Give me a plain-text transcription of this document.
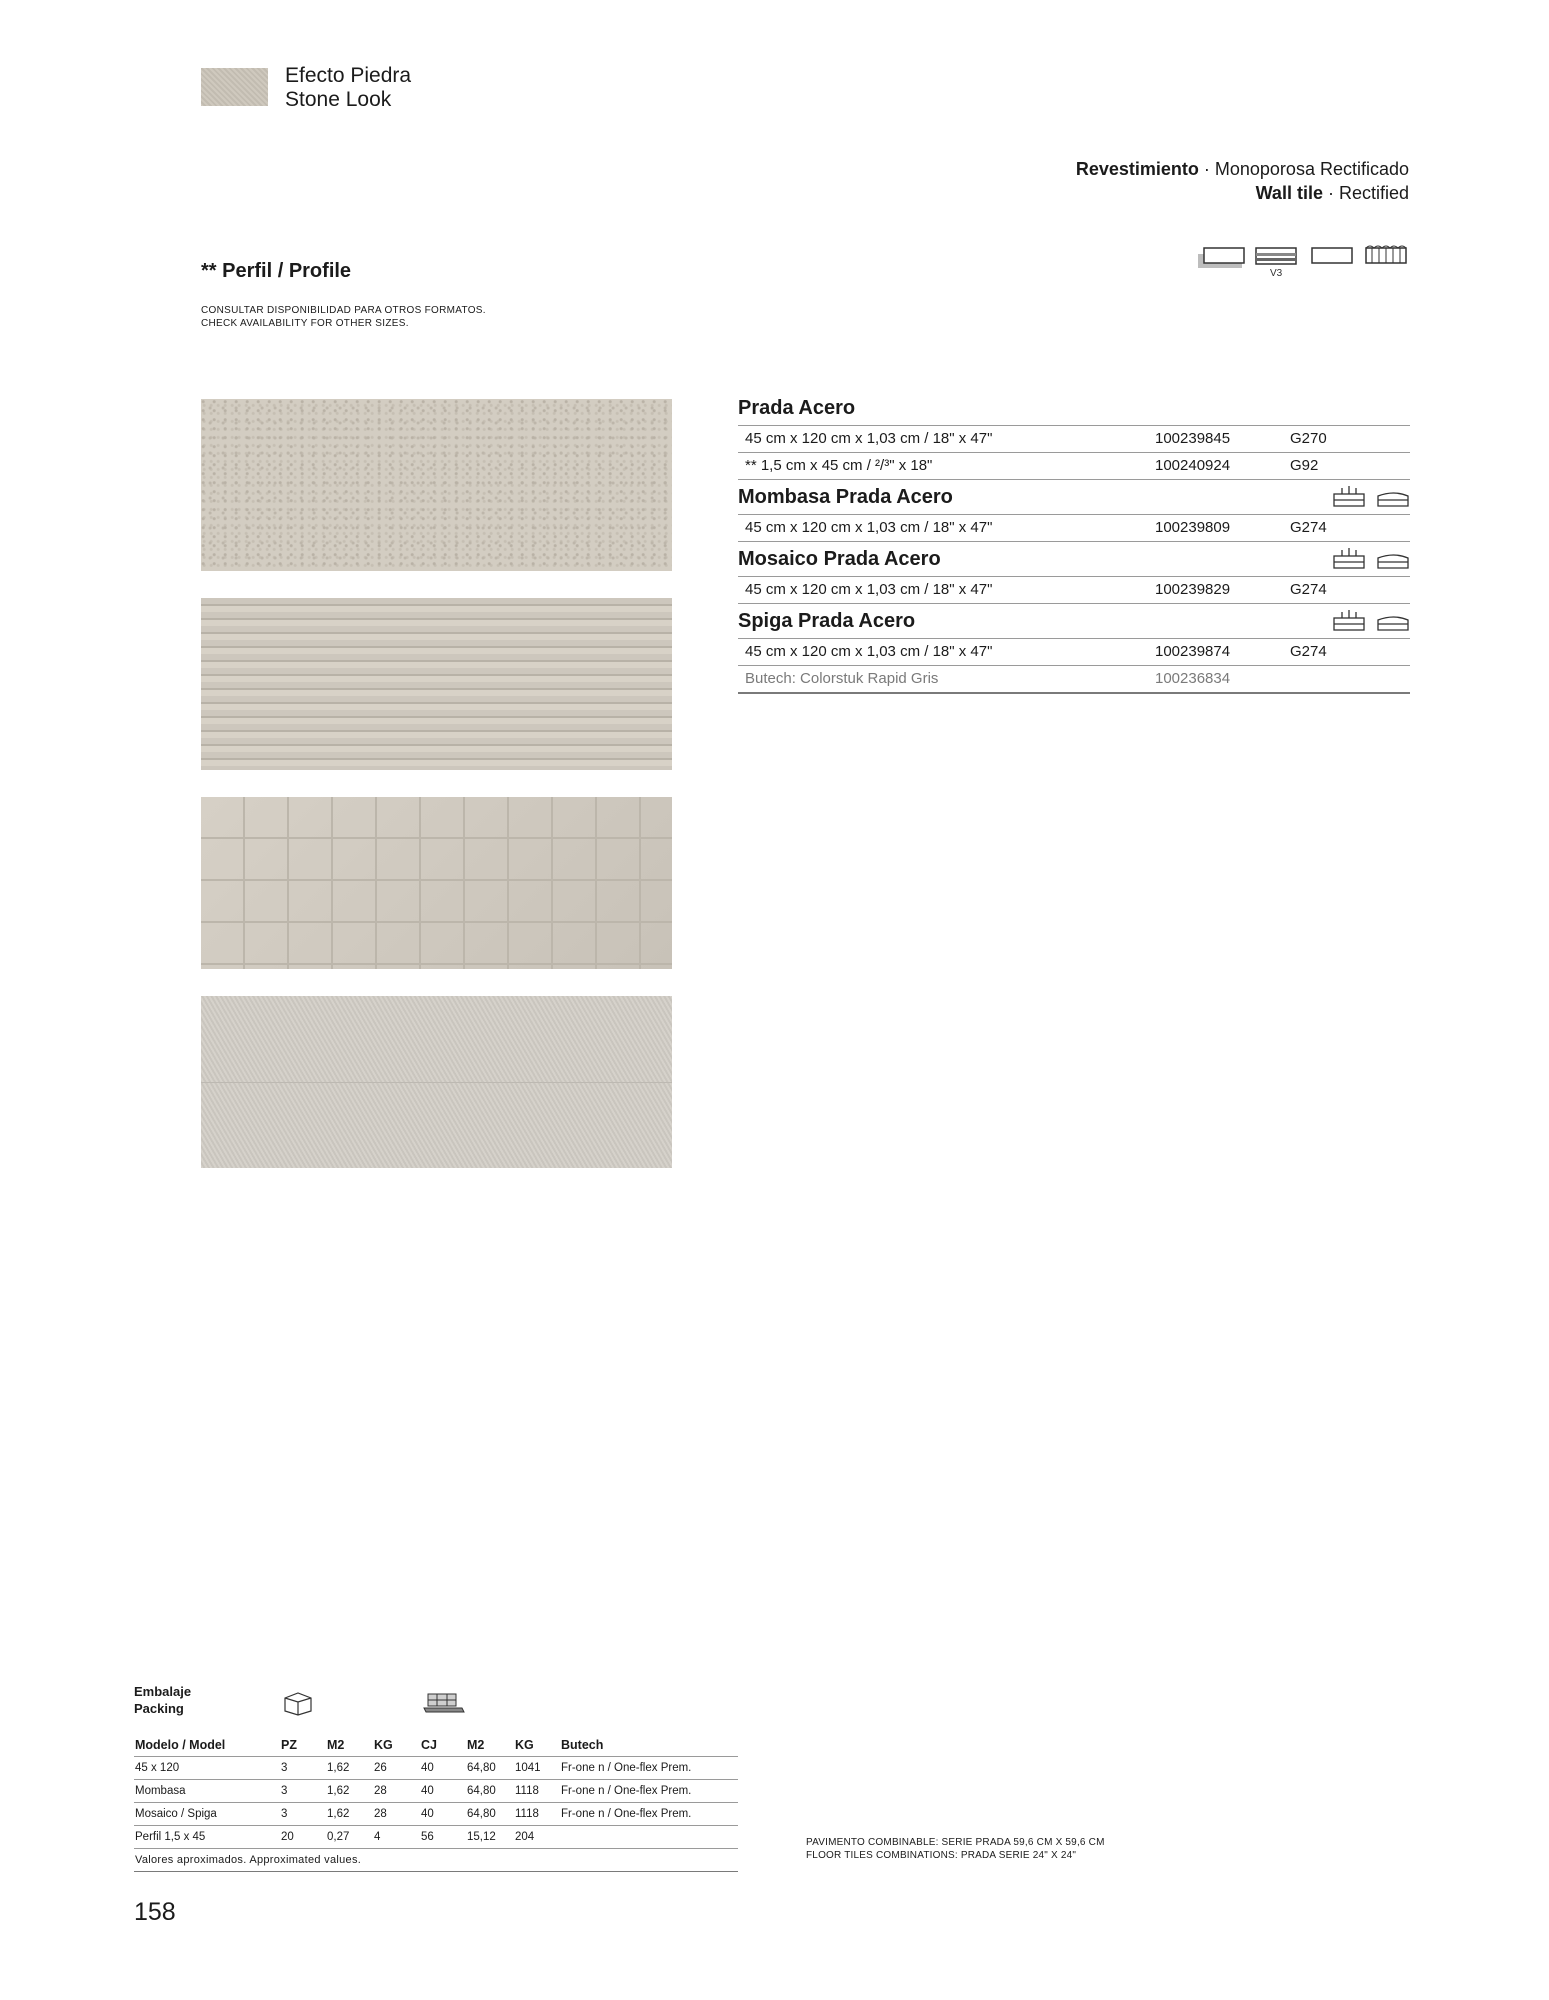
Efecto Piedra
Stone Look
Revestimiento · Monoporosa Rectificado
Wall tile · Rectified
** Perfil / Profile
CONSULTAR DISPONIBILIDAD PARA OTROS FORMATOS.
CHECK AVAILABILITY FOR OTHER SIZES.
V3
Prada Acero
45 cm x 120 cm x 1,03 cm / 18" x 47"	100239845	G270
** 1,5 cm x 45 cm / ²/³" x 18"	100240924	G92
Mombasa Prada Acero
45 cm x 120 cm x 1,03 cm / 18" x 47"	100239809	G274
Mosaico Prada Acero
45 cm x 120 cm x 1,03 cm / 18" x 47"	100239829	G274
Spiga Prada Acero
45 cm x 120 cm x 1,03 cm / 18" x 47"	100239874	G274
Butech: Colorstuk Rapid Gris	100236834
Embalaje
Packing
Modelo / Model	PZ	M2	KG	CJ	M2	KG	Butech
45 x 120	3	1,62	26	40	64,80	1041	Fr-one n / One-flex Prem.
Mombasa	3	1,62	28	40	64,80	1118	Fr-one n / One-flex Prem.
Mosaico / Spiga	3	1,62	28	40	64,80	1118	Fr-one n / One-flex Prem.
Perfil 1,5 x 45	20	0,27	4	56	15,12	204	
Valores aproximados. Approximated values.							
PAVIMENTO COMBINABLE: SERIE PRADA 59,6 CM X 59,6 CM
FLOOR TILES COMBINATIONS: PRADA SERIE 24" X 24"
158
